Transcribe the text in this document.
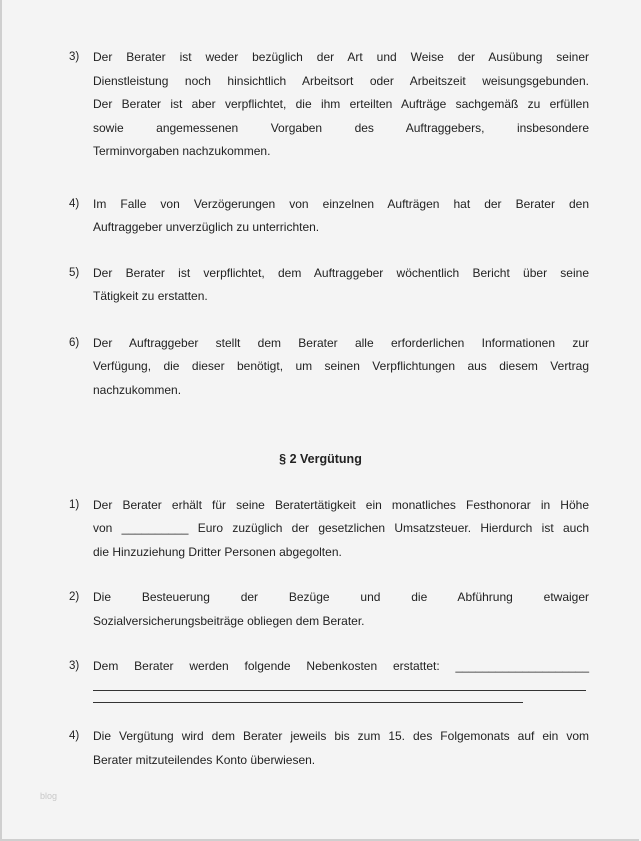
3) Der Berater ist weder bezüglich der Art und Weise der Ausübung seiner
Dienstleistung noch hinsichtlich Arbeitsort oder Arbeitszeit weisungsgebunden.
Der Berater ist aber verpflichtet, die ihm erteilten Aufträge sachgemäß zu erfüllen
sowie angemessenen Vorgaben des Auftraggebers, insbesondere
Terminvorgaben nachzukommen.
4) Im Falle von Verzögerungen von einzelnen Aufträgen hat der Berater den
Auftraggeber unverzüglich zu unterrichten.
5) Der Berater ist verpflichtet, dem Auftraggeber wöchentlich Bericht über seine
Tätigkeit zu erstatten.
6) Der Auftraggeber stellt dem Berater alle erforderlichen Informationen zur
Verfügung, die dieser benötigt, um seinen Verpflichtungen aus diesem Vertrag
nachzukommen.
§ 2 Vergütung
1) Der Berater erhält für seine Beratertätigkeit ein monatliches Festhonorar in Höhe
von __________ Euro zuzüglich der gesetzlichen Umsatzsteuer. Hierdurch ist auch
die Hinzuziehung Dritter Personen abgegolten.
2) Die Besteuerung der Bezüge und die Abführung etwaiger
Sozialversicherungsbeiträge obliegen dem Berater.
3) Dem Berater werden folgende Nebenkosten erstattet: ____________________
4) Die Vergütung wird dem Berater jeweils bis zum 15. des Folgemonats auf ein vom
Berater mitzuteilendes Konto überwiesen.
blog
